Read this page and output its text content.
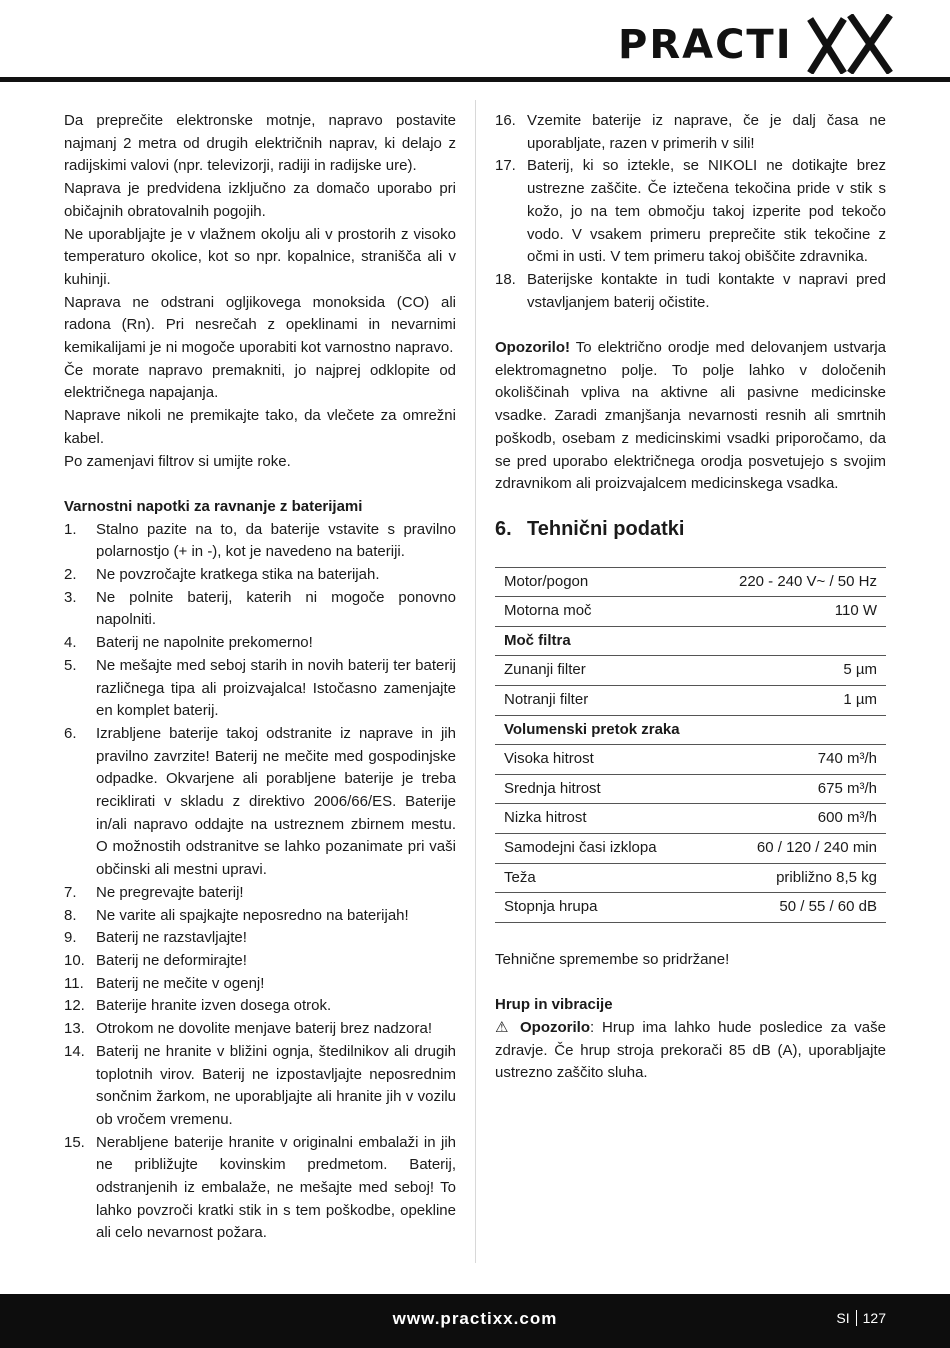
PRACTI

Da preprečite elektronske motnje, napravo postavite najmanj 2 metra od drugih električnih naprav, ki delajo z radijskimi valovi (npr. televizorji, radiji in radijske ure).

Naprava je predvidena izključno za domačo uporabo pri običajnih obratovalnih pogojih.

Ne uporabljajte je v vlažnem okolju ali v prostorih z visoko temperaturo okolice, kot so npr. kopalnice, stranišča ali v kuhinji.

Naprava ne odstrani ogljikovega monoksida (CO) ali radona (Rn). Pri nesrečah z opeklinami in nevarnimi kemikalijami je ni mogoče uporabiti kot varnostno napravo.

Če morate napravo premakniti, jo najprej odklopite od električnega napajanja.

Naprave nikoli ne premikajte tako, da vlečete za omrežni kabel.

Po zamenjavi filtrov si umijte roke.

Varnostni napotki za ravnanje z baterijami

1.	Stalno pazite na to, da baterije vstavite s pravilno polarnostjo (+ in -), kot je navedeno na bateriji.
2.	Ne povzročajte kratkega stika na baterijah.
3.	Ne polnite baterij, katerih ni mogoče ponovno napolniti.
4.	Baterij ne napolnite prekomerno!
5.	Ne mešajte med seboj starih in novih baterij ter baterij različnega tipa ali proizvajalca! Istočasno zamenjajte en komplet baterij.
6.	Izrabljene baterije takoj odstranite iz naprave in jih pravilno zavrzite! Baterij ne mečite med gospodinjske odpadke. Okvarjene ali porabljene baterije je treba reciklirati v skladu z direktivo 2006/66/ES. Baterije in/ali napravo oddajte na ustreznem zbirnem mestu. O možnostih odstranitve se lahko pozanimate pri vaši občinski ali mestni upravi.
7.	Ne pregrevajte baterij!
8.	Ne varite ali spajkajte neposredno na baterijah!
9.	Baterij ne razstavljajte!
10. Baterij ne deformirajte!
11. Baterij ne mečite v ogenj!
12. Baterije hranite izven dosega otrok.
13. Otrokom ne dovolite menjave baterij brez nadzora!
14. Baterij ne hranite v bližini ognja, štedilnikov ali drugih toplotnih virov. Baterij ne izpostavljajte neposrednim sončnim žarkom, ne uporabljajte ali hranite jih v vozilu ob vročem vremenu.
15. Nerabljene baterije hranite v originalni embalaži in jih ne približujte kovinskim predmetom. Baterij, odstranjenih iz embalaže, ne mešajte med seboj! To lahko povzroči kratki stik in s tem poškodbe, opekline ali celo nevarnost požara.
16. Vzemite baterije iz naprave, če je dalj časa ne uporabljate, razen v primerih v sili!
17. Baterij, ki so iztekle, se NIKOLI ne dotikajte brez ustrezne zaščite. Če iztečena tekočina pride v stik s kožo, jo na tem območju takoj izperite pod tekočo vodo. V vsakem primeru preprečite stik tekočine z očmi in usti. V tem primeru takoj obiščite zdravnika.
18. Baterijske kontakte in tudi kontakte v napravi pred vstavljanjem baterij očistite.

Opozorilo! To električno orodje med delovanjem ustvarja elektromagnetno polje. To polje lahko v določenih okoliščinah vpliva na aktivne ali pasivne medicinske vsadke. Zaradi zmanjšanja nevarnosti resnih ali smrtnih poškodb, osebam z medicinskimi vsadki priporočamo, da se pred uporabo električnega orodja posvetujejo s svojim zdravnikom ali proizvajalcem medicinskega vsadka.

6. Tehnični podatki
Motor/pogon	220 - 240 V~ / 50 Hz
Motorna moč	110 W
Moč filtra	
Zunanji filter	5 µm
Notranji filter	1 µm
Volumenski pretok zraka	
Visoka hitrost	740 m³/h
Srednja hitrost	675 m³/h
Nizka hitrost	600 m³/h
Samodejni časi izklopa	60 / 120 / 240 min
Teža	približno 8,5 kg
Stopnja hrupa	50 / 55 / 60 dB

Tehnične spremembe so pridržane!

Hrup in vibracije

⚠ Opozorilo: Hrup ima lahko hude posledice za vaše zdravje. Če hrup stroja prekorači 85 dB (A), uporabljajte ustrezno zaščito sluha.

www.practixx.com	SI 127
